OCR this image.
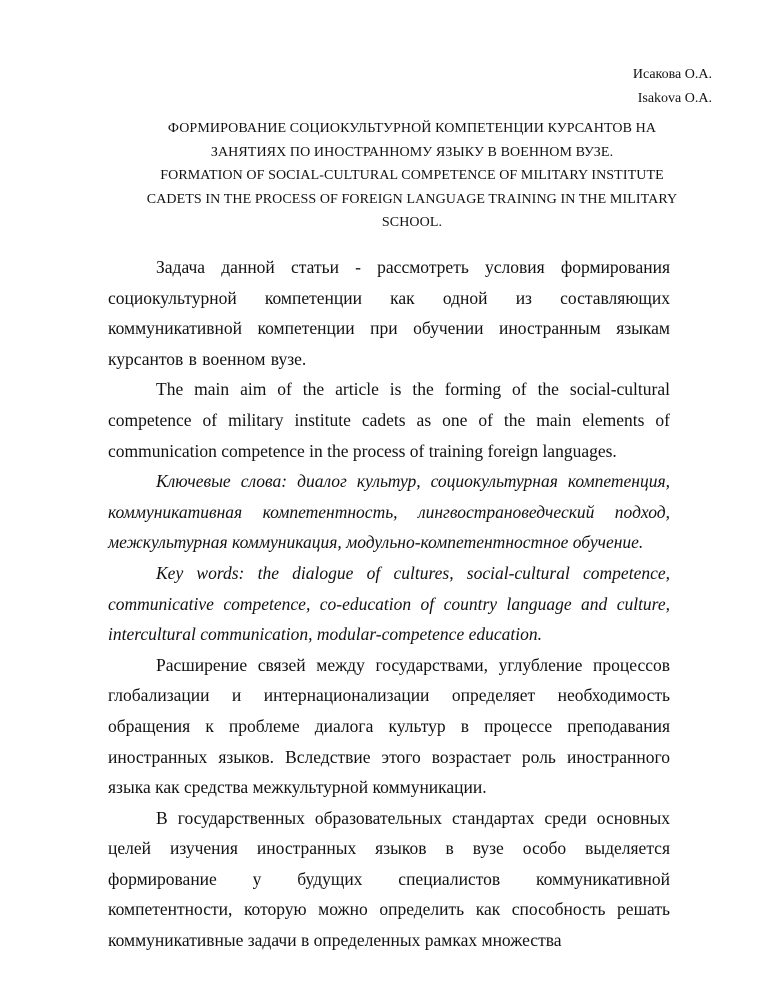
Исакова О.А.
Isakova O.A.
ФОРМИРОВАНИЕ СОЦИОКУЛЬТУРНОЙ КОМПЕТЕНЦИИ КУРСАНТОВ НА
ЗАНЯТИЯХ ПО ИНОСТРАННОМУ ЯЗЫКУ В ВОЕННОМ ВУЗЕ.
FORMATION OF SOCIAL-CULTURAL COMPETENCE OF MILITARY INSTITUTE
CADETS IN THE PROCESS OF FOREIGN LANGUAGE TRAINING IN THE MILITARY
SCHOOL.

Задача данной статьи - рассмотреть условия формирования социокультурной компетенции как одной из составляющих коммуникативной компетенции при обучении иностранным языкам курсантов в военном вузе.

The main aim of the article is the forming of the social-cultural competence of military institute cadets as one of the main elements of communication competence in the process of training foreign languages.

Ключевые слова: диалог культур, социокультурная компетенция, коммуникативная компетентность, лингвострановедческий подход, межкультурная коммуникация, модульно-компетентностное обучение.

Key words: the dialogue of cultures, social-cultural competence, communicative competence, co-education of country language and culture, intercultural communication, modular-competence education.

Расширение связей между государствами, углубление процессов глобализации и интернационализации определяет необходимость обращения к проблеме диалога культур в процессе преподавания иностранных языков. Вследствие этого возрастает роль иностранного языка как средства межкультурной коммуникации.

В государственных образовательных стандартах среди основных целей изучения иностранных языков в вузе особо выделяется формирование у будущих специалистов коммуникативной компетентности, которую можно определить как способность решать коммуникативные задачи в определенных рамках множества
